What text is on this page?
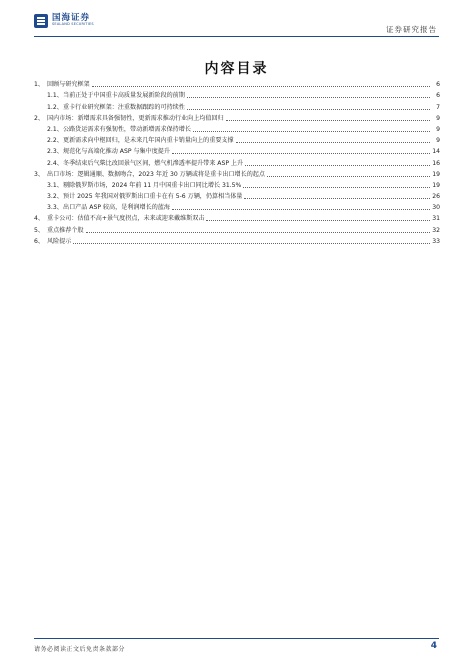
国海证券
SEALAND SECURITIES
证券研究报告
内容目录
1、 回顾与研究框架	6
1.1、 当前正处于中国重卡高质量发展新阶段的前期	6
1.2、 重卡行业研究框架：注重数据跟踪的可持续性	7
2、 国内市场：新增需求具备强韧性，更新需求推动行业向上均值回归	9
2.1、 公路货运需求有强韧性，带动新增需求保持增长	9
2.2、 更新需求向中枢回归，是未来几年国内重卡销量向上的重要支撑	9
2.3、 规范化与高端化推动 ASP 与集中度提升	14
2.4、 冬季结束后气柴比改回景气区间，燃气机滲透率提升带来 ASP 上升	16
3、 出口市场：逻辑通顺、数据吻合，2023 年近 30 万辆或将是重卡出口增长的起点	19
3.1、 剔除俄罗斯市场，2024 年前 11 月中国重卡出口同比增长 31.5%	19
3.2、 预计 2025 年我国对俄罗斯出口重卡在有 5-6 万辆，仍算相当体量	26
3.3、 出口产品 ASP 较高，是利润增长的蓝海	30
4、 重卡公司：估值不高+景气度拐点，未来或迎来戴维斯双击	31
5、 重点推荐个股	32
6、 风险提示	33
请务必阅读正文后免责条款部分	4
